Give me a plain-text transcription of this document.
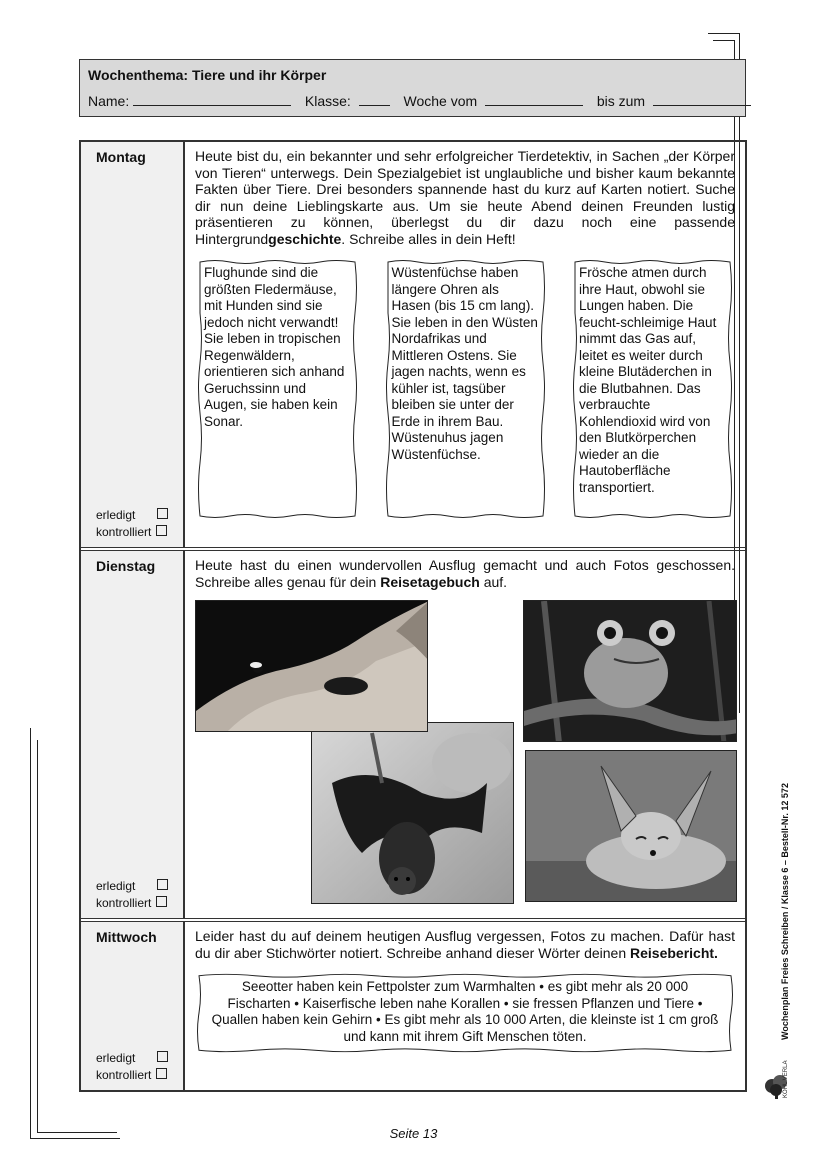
Wochenthema: Tiere und ihr Körper
Name:	Klasse:	Woche vom	bis zum
Montag
erledigt
kontrolliert
Heute bist du, ein bekannter und sehr erfolgreicher Tierdetektiv, in Sachen „der Körper von Tieren“ unterwegs. Dein Spezialgebiet ist unglaubliche und bisher kaum bekannte Fakten über Tiere. Drei besonders spannende hast du kurz auf Karten notiert. Suche dir nun deine Lieblingskarte aus. Um sie heute Abend deinen Freunden lustig präsentieren zu können, überlegst du dir dazu noch eine passende Hintergrundgeschichte. Schreibe alles in dein Heft!
Flughunde sind die größten Fledermäuse, mit Hunden sind sie jedoch nicht verwandt! Sie leben in tropischen Regenwäldern, orientieren sich anhand Geruchssinn und Augen, sie haben kein Sonar.
Wüstenfüchse haben längere Ohren als Hasen (bis 15 cm lang). Sie leben in den Wüsten Nordafrikas und Mittleren Ostens. Sie jagen nachts, wenn es kühler ist, tagsüber bleiben sie unter der Erde in ihrem Bau. Wüstenuhus jagen Wüstenfüchse.
Frösche atmen durch ihre Haut, obwohl sie Lungen haben. Die feucht-schleimige Haut nimmt das Gas auf, leitet es weiter durch kleine Blutäderchen in die Blutbahnen. Das verbrauchte Kohlendioxid wird von den Blutkörperchen wieder an die Hautoberfläche transportiert.
Dienstag
erledigt
kontrolliert
Heute hast du einen wundervollen Ausflug gemacht und auch Fotos geschossen. Schreibe alles genau für dein Reisetagebuch auf.
Mittwoch
erledigt
kontrolliert
Leider hast du auf deinem heutigen Ausflug vergessen, Fotos zu machen. Dafür hast du dir aber Stichwörter notiert. Schreibe anhand dieser Wörter deinen Reisebericht.
Seeotter haben kein Fettpolster zum Warmhalten • es gibt mehr als 20 000 Fischarten • Kaiserfische leben nahe Korallen • sie fressen Pflanzen und Tiere • Quallen haben kein Gehirn • Es gibt mehr als 10 000 Arten, die kleinste ist 1 cm groß und kann mit ihrem Gift Menschen töten.
Seite 13
Wochenplan Freies Schreiben / Klasse 6 – Bestell-Nr. 12 572
KOHL VERLAG
